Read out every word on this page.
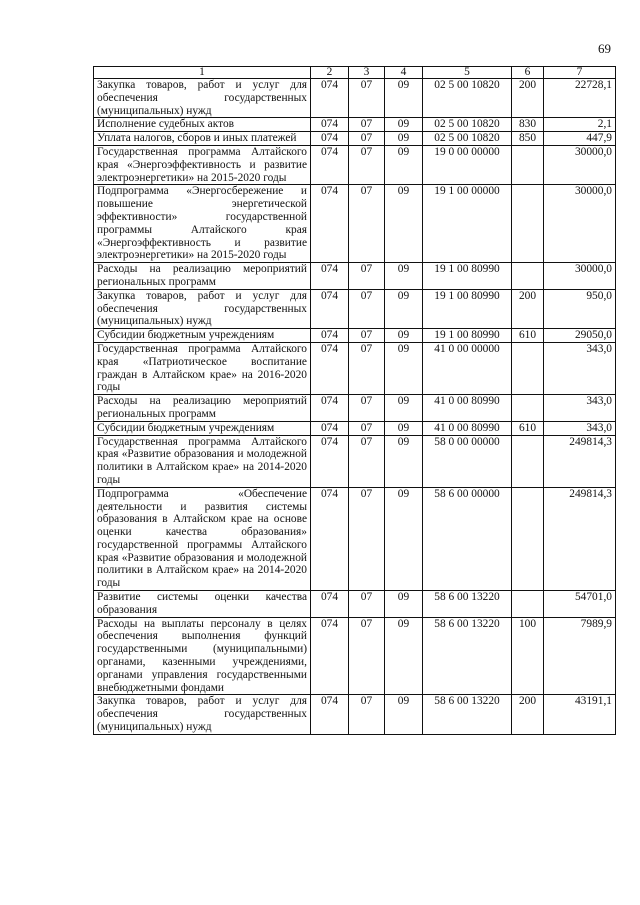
69
1	2	3	4	5	6	7
Закупка товаров, работ и услуг для обеспечения государственных (муниципальных) нужд	074	07	09	02 5 00 10820	200	22728,1
Исполнение судебных актов	074	07	09	02 5 00 10820	830	2,1
Уплата налогов, сборов и иных платежей	074	07	09	02 5 00 10820	850	447,9
Государственная программа Алтайского края «Энергоэффективность и развитие электроэнергетики» на 2015-2020 годы	074	07	09	19 0 00 00000		30000,0
Подпрограмма «Энергосбережение и повышение энергетической эффективности» государственной программы Алтайского края «Энергоэффективность и развитие электроэнергетики» на 2015-2020 годы	074	07	09	19 1 00 00000		30000,0
Расходы на реализацию мероприятий региональных программ	074	07	09	19 1 00 80990		30000,0
Закупка товаров, работ и услуг для обеспечения государственных (муниципальных) нужд	074	07	09	19 1 00 80990	200	950,0
Субсидии бюджетным учреждениям	074	07	09	19 1 00 80990	610	29050,0
Государственная программа Алтайского края «Патриотическое воспитание граждан в Алтайском крае» на 2016-2020 годы	074	07	09	41 0 00 00000		343,0
Расходы на реализацию мероприятий региональных программ	074	07	09	41 0 00 80990		343,0
Субсидии бюджетным учреждениям	074	07	09	41 0 00 80990	610	343,0
Государственная программа Алтайского края «Развитие образования и молодежной политики в Алтайском крае» на 2014-2020 годы	074	07	09	58 0 00 00000		249814,3
Подпрограмма «Обеспечение деятельности и развития системы образования в Алтайском крае на основе оценки качества образования» государственной программы Алтайского края «Развитие образования и молодежной политики в Алтайском крае» на 2014-2020 годы	074	07	09	58 6 00 00000		249814,3
Развитие системы оценки качества образования	074	07	09	58 6 00 13220		54701,0
Расходы на выплаты персоналу в целях обеспечения выполнения функций государственными (муниципальными) органами, казенными учреждениями, органами управления государственными внебюджетными фондами	074	07	09	58 6 00 13220	100	7989,9
Закупка товаров, работ и услуг для обеспечения государственных (муниципальных) нужд	074	07	09	58 6 00 13220	200	43191,1
